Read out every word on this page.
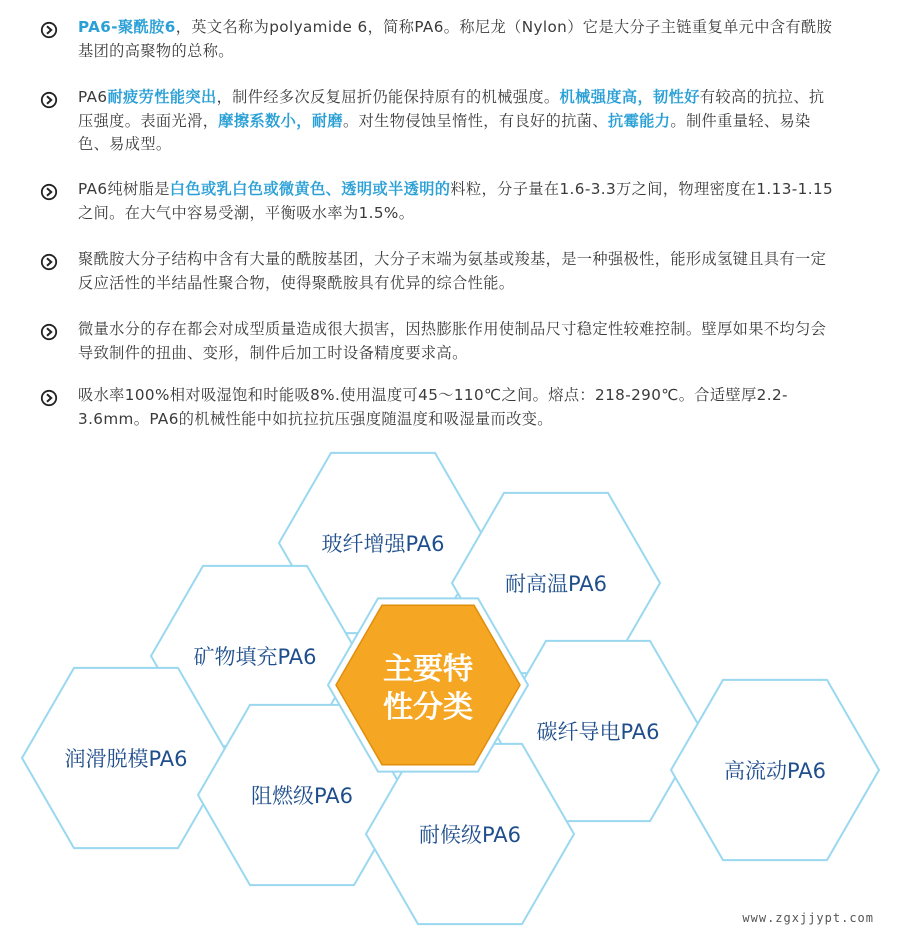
PA6-聚酰胺6，英文名称为polyamide 6，简称PA6。称尼龙（Nylon）它是大分子主链重复单元中含有酰胺基团的高聚物的总称。
PA6耐疲劳性能突出，制件经多次反复屈折仍能保持原有的机械强度。机械强度高，韧性好有较高的抗拉、抗压强度。表面光滑，摩擦系数小，耐磨。对生物侵蚀呈惰性，有良好的抗菌、抗霉能力。制件重量轻、易染色、易成型。
PA6纯树脂是白色或乳白色或微黄色、透明或半透明的料粒，分子量在1.6-3.3万之间，物理密度在1.13-1.15之间。在大气中容易受潮，平衡吸水率为1.5%。
聚酰胺大分子结构中含有大量的酰胺基团，大分子末端为氨基或羧基，是一种强极性，能形成氢键且具有一定反应活性的半结晶性聚合物，使得聚酰胺具有优异的综合性能。
微量水分的存在都会对成型质量造成很大损害，因热膨胀作用使制品尺寸稳定性较难控制。壁厚如果不均匀会导致制件的扭曲、变形，制件后加工时设备精度要求高。
吸水率100%相对吸湿饱和时能吸8%.使用温度可45～110℃之间。熔点：218-290℃。合适壁厚2.2-3.6mm。PA6的机械性能中如抗拉抗压强度随温度和吸湿量而改变。
玻纤增强PA6
耐高温PA6
矿物填充PA6
碳纤导电PA6
高流动PA6
润滑脱模PA6
阻燃级PA6
耐候级PA6
主要特
性分类
www.zgxjjypt.com
